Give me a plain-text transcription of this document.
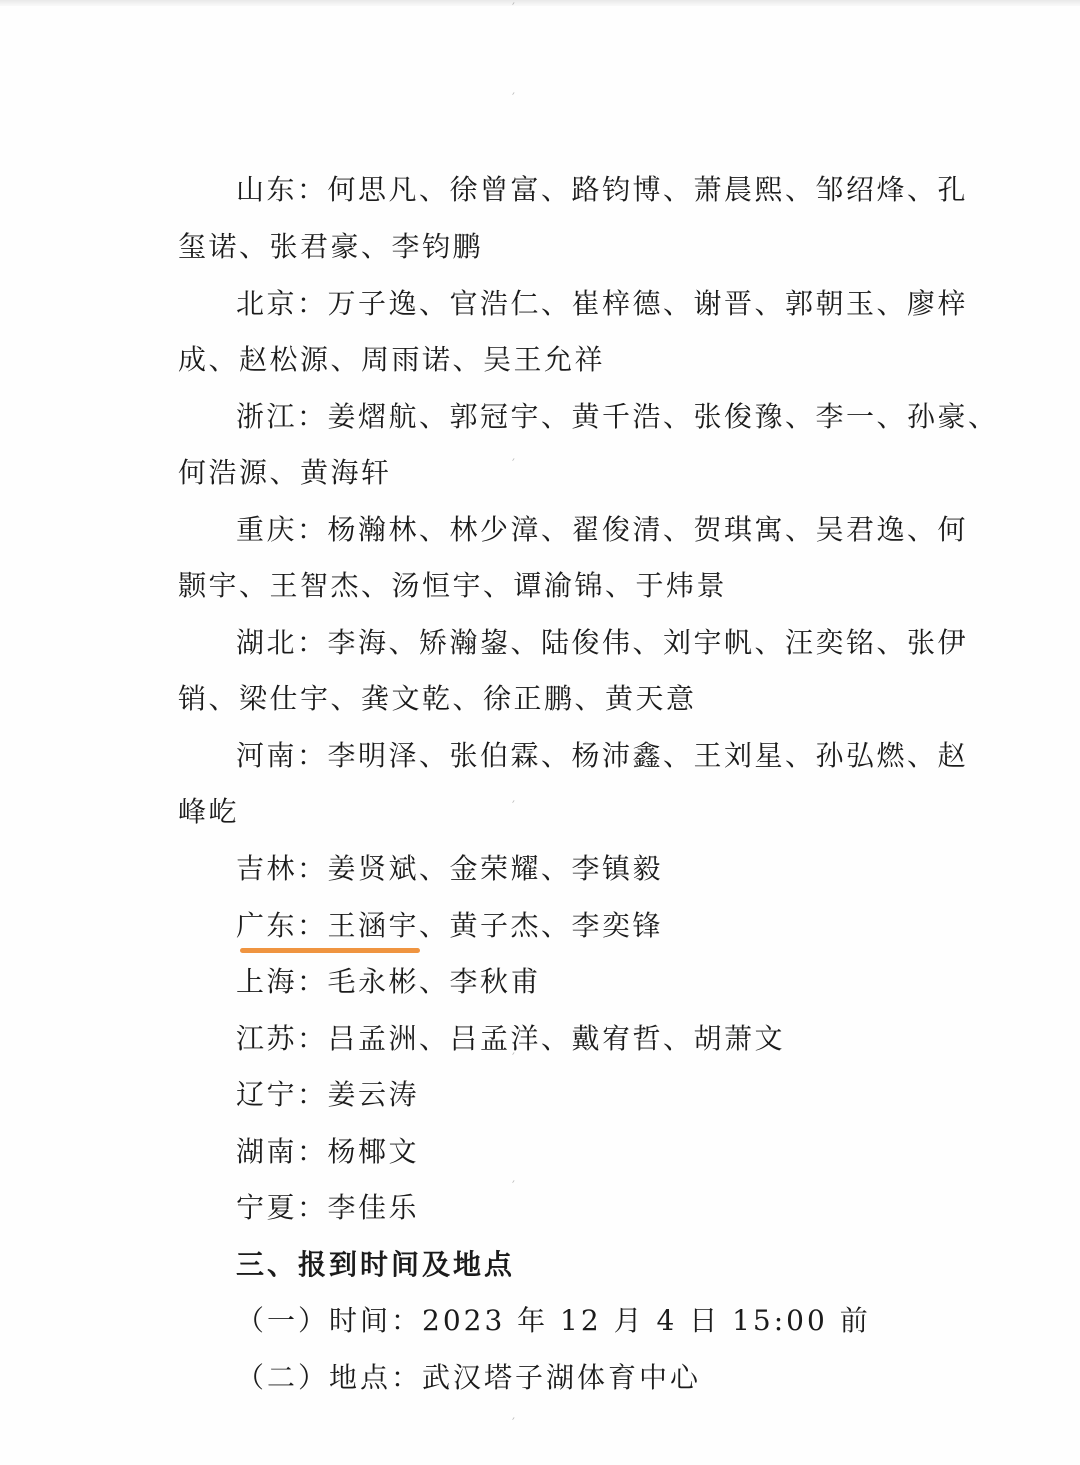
′
′
′
′
′
′
′
山东：何思凡、徐曾富、路钧博、萧晨熙、邹绍烽、孔
玺诺、张君豪、李钧鹏
北京：万子逸、官浩仁、崔梓德、谢晋、郭朝玉、廖梓
成、赵松源、周雨诺、吴王允祥
浙江：姜熠航、郭冠宇、黄千浩、张俊豫、李一、孙豪、
何浩源、黄海轩
重庆：杨瀚林、林少漳、翟俊清、贺琪寓、吴君逸、何
颢宇、王智杰、汤恒宇、谭渝锦、于炜景
湖北：李海、矫瀚鋆、陆俊伟、刘宇帆、汪奕铭、张伊
销、梁仕宇、龚文乾、徐正鹏、黄天意
河南：李明泽、张伯霖、杨沛鑫、王刘星、孙弘燃、赵
峰屹
吉林：姜贤斌、金荣耀、李镇毅
广东：王涵宇、黄子杰、李奕锋
上海：毛永彬、李秋甫
江苏：吕孟洲、吕孟洋、戴宥哲、胡萧文
辽宁：姜云涛
湖南：杨椰文
宁夏：李佳乐
三、报到时间及地点
（一）时间：2023 年 12 月 4 日 15:00 前
（二）地点：武汉塔子湖体育中心
